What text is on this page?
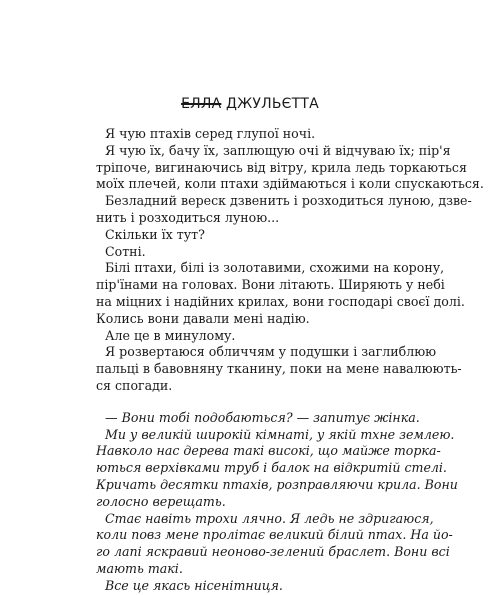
ЕЛЛА ДЖУЛЬЄТТА

Я чую птахів серед глупої ночі.

Я чую їх, бачу їх, заплющую очі й відчуваю їх; пір'я
тріпоче, вигинаючись від вітру, крила ледь торкаються
моїх плечей, коли птахи здіймаються і коли спускаються.

Безладний вереск дзвенить і розходиться луною, дзве-
нить і розходиться луною...

Скільки їх тут?

Сотні.

Білі птахи, білі із золотавими, схожими на корону,
пір'їнами на головах. Вони літають. Ширяють у небі
на міцних і надійних крилах, вони господарі своєї долі.
Колись вони давали мені надію.

Але це в минулому.

Я розвертаюся обличчям у подушки і заглиблюю
пальці в бавовняну тканину, поки на мене навалюють-
ся спогади.

— Вони тобі подобаються? — запитує жінка.

Ми у великій широкій кімнаті, у якій тхне землею.
Навколо нас дерева такі високі, що майже торка-
ються верхівками труб і балок на відкритій стелі.
Кричать десятки птахів, розправляючи крила. Вони
голосно верещать.

Стає навіть трохи лячно. Я ледь не здригаюся,
коли повз мене пролітає великий білий птах. На йо-
го лапі яскравий неоново-зелений браслет. Вони всі
мають такі.

Все це якась нісенітниця.
